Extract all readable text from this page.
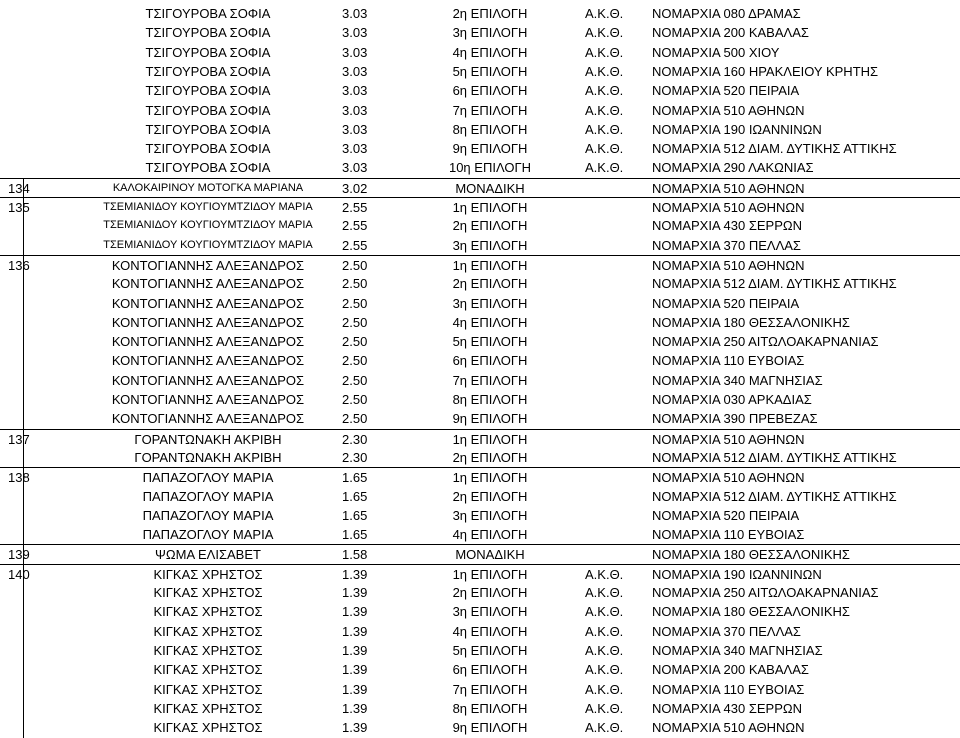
ΤΣΙΓΟΥΡΟΒΑ ΣΟΦΙΑ	3.03	2η ΕΠΙΛΟΓΗ	Α.Κ.Θ. ΝΟΜΑΡΧΙΑ 080 ΔΡΑΜΑΣ
ΤΣΙΓΟΥΡΟΒΑ ΣΟΦΙΑ	3.03	3η ΕΠΙΛΟΓΗ	Α.Κ.Θ. ΝΟΜΑΡΧΙΑ 200 ΚΑΒΑΛΑΣ
ΤΣΙΓΟΥΡΟΒΑ ΣΟΦΙΑ	3.03	4η ΕΠΙΛΟΓΗ	Α.Κ.Θ. ΝΟΜΑΡΧΙΑ 500 ΧΙΟΥ
ΤΣΙΓΟΥΡΟΒΑ ΣΟΦΙΑ	3.03	5η ΕΠΙΛΟΓΗ	Α.Κ.Θ. ΝΟΜΑΡΧΙΑ 160 ΗΡΑΚΛΕΙΟΥ ΚΡΗΤΗΣ
ΤΣΙΓΟΥΡΟΒΑ ΣΟΦΙΑ	3.03	6η ΕΠΙΛΟΓΗ	Α.Κ.Θ. ΝΟΜΑΡΧΙΑ 520 ΠΕΙΡΑΙΑ
ΤΣΙΓΟΥΡΟΒΑ ΣΟΦΙΑ	3.03	7η ΕΠΙΛΟΓΗ	Α.Κ.Θ. ΝΟΜΑΡΧΙΑ 510 ΑΘΗΝΩΝ
ΤΣΙΓΟΥΡΟΒΑ ΣΟΦΙΑ	3.03	8η ΕΠΙΛΟΓΗ	Α.Κ.Θ. ΝΟΜΑΡΧΙΑ 190 ΙΩΑΝΝΙΝΩΝ
ΤΣΙΓΟΥΡΟΒΑ ΣΟΦΙΑ	3.03	9η ΕΠΙΛΟΓΗ	Α.Κ.Θ. ΝΟΜΑΡΧΙΑ 512 ΔΙΑΜ. ΔΥΤΙΚΗΣ ΑΤΤΙΚΗΣ
ΤΣΙΓΟΥΡΟΒΑ ΣΟΦΙΑ	3.03	10η ΕΠΙΛΟΓΗ	Α.Κ.Θ. ΝΟΜΑΡΧΙΑ 290 ΛΑΚΩΝΙΑΣ
134	ΚΑΛΟΚΑΙΡΙΝΟΥ ΜΟΤΟΓΚΑ ΜΑΡΙΑΝΑ	3.02	ΜΟΝΑΔΙΚΗ	ΝΟΜΑΡΧΙΑ 510 ΑΘΗΝΩΝ
135	ΤΣΕΜΙΑΝΙΔΟΥ ΚΟΥΓΙΟΥΜΤΖΙΔΟΥ ΜΑΡΙΑ	2.55	1η ΕΠΙΛΟΓΗ	ΝΟΜΑΡΧΙΑ 510 ΑΘΗΝΩΝ
ΤΣΕΜΙΑΝΙΔΟΥ ΚΟΥΓΙΟΥΜΤΖΙΔΟΥ ΜΑΡΙΑ	2.55	2η ΕΠΙΛΟΓΗ	ΝΟΜΑΡΧΙΑ 430 ΣΕΡΡΩΝ
ΤΣΕΜΙΑΝΙΔΟΥ ΚΟΥΓΙΟΥΜΤΖΙΔΟΥ ΜΑΡΙΑ	2.55	3η ΕΠΙΛΟΓΗ	ΝΟΜΑΡΧΙΑ 370 ΠΕΛΛΑΣ
136	ΚΟΝΤΟΓΙΑΝΝΗΣ ΑΛΕΞΑΝΔΡΟΣ	2.50	1η ΕΠΙΛΟΓΗ	ΝΟΜΑΡΧΙΑ 510 ΑΘΗΝΩΝ
ΚΟΝΤΟΓΙΑΝΝΗΣ ΑΛΕΞΑΝΔΡΟΣ	2.50	2η ΕΠΙΛΟΓΗ	ΝΟΜΑΡΧΙΑ 512 ΔΙΑΜ. ΔΥΤΙΚΗΣ ΑΤΤΙΚΗΣ
ΚΟΝΤΟΓΙΑΝΝΗΣ ΑΛΕΞΑΝΔΡΟΣ	2.50	3η ΕΠΙΛΟΓΗ	ΝΟΜΑΡΧΙΑ 520 ΠΕΙΡΑΙΑ
ΚΟΝΤΟΓΙΑΝΝΗΣ ΑΛΕΞΑΝΔΡΟΣ	2.50	4η ΕΠΙΛΟΓΗ	ΝΟΜΑΡΧΙΑ 180 ΘΕΣΣΑΛΟΝΙΚΗΣ
ΚΟΝΤΟΓΙΑΝΝΗΣ ΑΛΕΞΑΝΔΡΟΣ	2.50	5η ΕΠΙΛΟΓΗ	ΝΟΜΑΡΧΙΑ 250 ΑΙΤΩΛΟΑΚΑΡΝΑΝΙΑΣ
ΚΟΝΤΟΓΙΑΝΝΗΣ ΑΛΕΞΑΝΔΡΟΣ	2.50	6η ΕΠΙΛΟΓΗ	ΝΟΜΑΡΧΙΑ 110 ΕΥΒΟΙΑΣ
ΚΟΝΤΟΓΙΑΝΝΗΣ ΑΛΕΞΑΝΔΡΟΣ	2.50	7η ΕΠΙΛΟΓΗ	ΝΟΜΑΡΧΙΑ 340 ΜΑΓΝΗΣΙΑΣ
ΚΟΝΤΟΓΙΑΝΝΗΣ ΑΛΕΞΑΝΔΡΟΣ	2.50	8η ΕΠΙΛΟΓΗ	ΝΟΜΑΡΧΙΑ 030 ΑΡΚΑΔΙΑΣ
ΚΟΝΤΟΓΙΑΝΝΗΣ ΑΛΕΞΑΝΔΡΟΣ	2.50	9η ΕΠΙΛΟΓΗ	ΝΟΜΑΡΧΙΑ 390 ΠΡΕΒΕΖΑΣ
137	ΓΟΡΑΝΤΩΝΑΚΗ ΑΚΡΙΒΗ	2.30	1η ΕΠΙΛΟΓΗ	ΝΟΜΑΡΧΙΑ 510 ΑΘΗΝΩΝ
ΓΟΡΑΝΤΩΝΑΚΗ ΑΚΡΙΒΗ	2.30	2η ΕΠΙΛΟΓΗ	ΝΟΜΑΡΧΙΑ 512 ΔΙΑΜ. ΔΥΤΙΚΗΣ ΑΤΤΙΚΗΣ
138	ΠΑΠΑΖΟΓΛΟΥ ΜΑΡΙΑ	1.65	1η ΕΠΙΛΟΓΗ	ΝΟΜΑΡΧΙΑ 510 ΑΘΗΝΩΝ
ΠΑΠΑΖΟΓΛΟΥ ΜΑΡΙΑ	1.65	2η ΕΠΙΛΟΓΗ	ΝΟΜΑΡΧΙΑ 512 ΔΙΑΜ. ΔΥΤΙΚΗΣ ΑΤΤΙΚΗΣ
ΠΑΠΑΖΟΓΛΟΥ ΜΑΡΙΑ	1.65	3η ΕΠΙΛΟΓΗ	ΝΟΜΑΡΧΙΑ 520 ΠΕΙΡΑΙΑ
ΠΑΠΑΖΟΓΛΟΥ ΜΑΡΙΑ	1.65	4η ΕΠΙΛΟΓΗ	ΝΟΜΑΡΧΙΑ 110 ΕΥΒΟΙΑΣ
139	ΨΩΜΑ ΕΛΙΣΑΒΕΤ	1.58	ΜΟΝΑΔΙΚΗ	ΝΟΜΑΡΧΙΑ 180 ΘΕΣΣΑΛΟΝΙΚΗΣ
140	ΚΙΓΚΑΣ ΧΡΗΣΤΟΣ	1.39	1η ΕΠΙΛΟΓΗ	Α.Κ.Θ. ΝΟΜΑΡΧΙΑ 190 ΙΩΑΝΝΙΝΩΝ
ΚΙΓΚΑΣ ΧΡΗΣΤΟΣ	1.39	2η ΕΠΙΛΟΓΗ	Α.Κ.Θ. ΝΟΜΑΡΧΙΑ 250 ΑΙΤΩΛΟΑΚΑΡΝΑΝΙΑΣ
ΚΙΓΚΑΣ ΧΡΗΣΤΟΣ	1.39	3η ΕΠΙΛΟΓΗ	Α.Κ.Θ. ΝΟΜΑΡΧΙΑ 180 ΘΕΣΣΑΛΟΝΙΚΗΣ
ΚΙΓΚΑΣ ΧΡΗΣΤΟΣ	1.39	4η ΕΠΙΛΟΓΗ	Α.Κ.Θ. ΝΟΜΑΡΧΙΑ 370 ΠΕΛΛΑΣ
ΚΙΓΚΑΣ ΧΡΗΣΤΟΣ	1.39	5η ΕΠΙΛΟΓΗ	Α.Κ.Θ. ΝΟΜΑΡΧΙΑ 340 ΜΑΓΝΗΣΙΑΣ
ΚΙΓΚΑΣ ΧΡΗΣΤΟΣ	1.39	6η ΕΠΙΛΟΓΗ	Α.Κ.Θ. ΝΟΜΑΡΧΙΑ 200 ΚΑΒΑΛΑΣ
ΚΙΓΚΑΣ ΧΡΗΣΤΟΣ	1.39	7η ΕΠΙΛΟΓΗ	Α.Κ.Θ. ΝΟΜΑΡΧΙΑ 110 ΕΥΒΟΙΑΣ
ΚΙΓΚΑΣ ΧΡΗΣΤΟΣ	1.39	8η ΕΠΙΛΟΓΗ	Α.Κ.Θ. ΝΟΜΑΡΧΙΑ 430 ΣΕΡΡΩΝ
ΚΙΓΚΑΣ ΧΡΗΣΤΟΣ	1.39	9η ΕΠΙΛΟΓΗ	Α.Κ.Θ. ΝΟΜΑΡΧΙΑ 510 ΑΘΗΝΩΝ
